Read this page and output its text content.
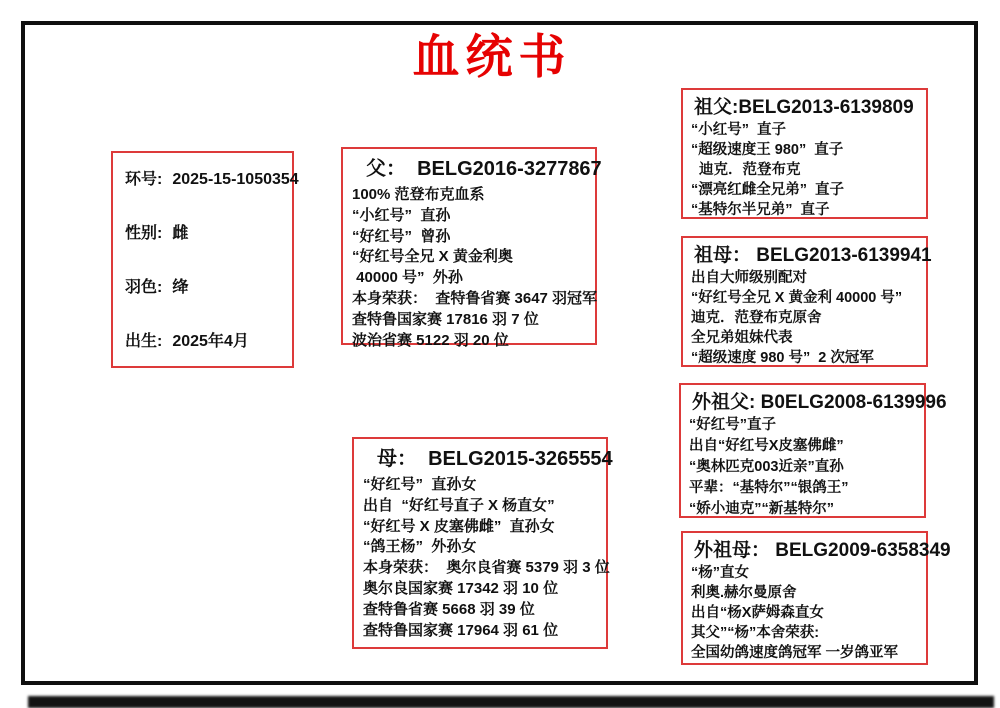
血统书
环号: 2025-15-1050354
性别: 雌
羽色: 绛
出生: 2025年4月
父：  BELG2016-3277867
100% 范登布克血系
“小红号”  直孙
“好红号”  曾孙
“好红号全兄 X 黄金利奥
40000 号”  外孙
本身荣获：  查特鲁省赛 3647 羽冠军
查特鲁国家赛 17816 羽 7 位
波治省赛 5122 羽 20 位
母：  BELG2015-3265554
“好红号”  直孙女
出自  “好红号直子 X 杨直女”
“好红号 X 皮塞佛雌”  直孙女
“鸽王杨”  外孙女
本身荣获：  奥尔良省赛 5379 羽 3 位
奥尔良国家赛 17342 羽 10 位
查特鲁省赛 5668 羽 39 位
查特鲁国家赛 17964 羽 61 位
祖父:BELG2013-6139809
“小红号”  直子
“超级速度王 980”  直子
迪克．范登布克
“漂亮红雌全兄弟”  直子
“基特尔半兄弟”  直子
祖母： BELG2013-6139941
出自大师级别配对
“好红号全兄 X 黄金利 40000 号”
迪克．范登布克原舍
全兄弟姐妹代表
“超级速度 980 号”  2 次冠军
外祖父: B0ELG2008-6139996
“好红号”直子
出自“好红号X皮塞佛雌”
“奥林匹克003近亲”直孙
平辈：“基特尔”“银鸽王”
“娇小迪克”“新基特尔”
外祖母： BELG2009-6358349
“杨”直女
利奥.赫尔曼原舍
出自“杨X萨姆森直女
其父”“杨”本舍荣获:
全国幼鸽速度鸽冠军 一岁鸽亚军
